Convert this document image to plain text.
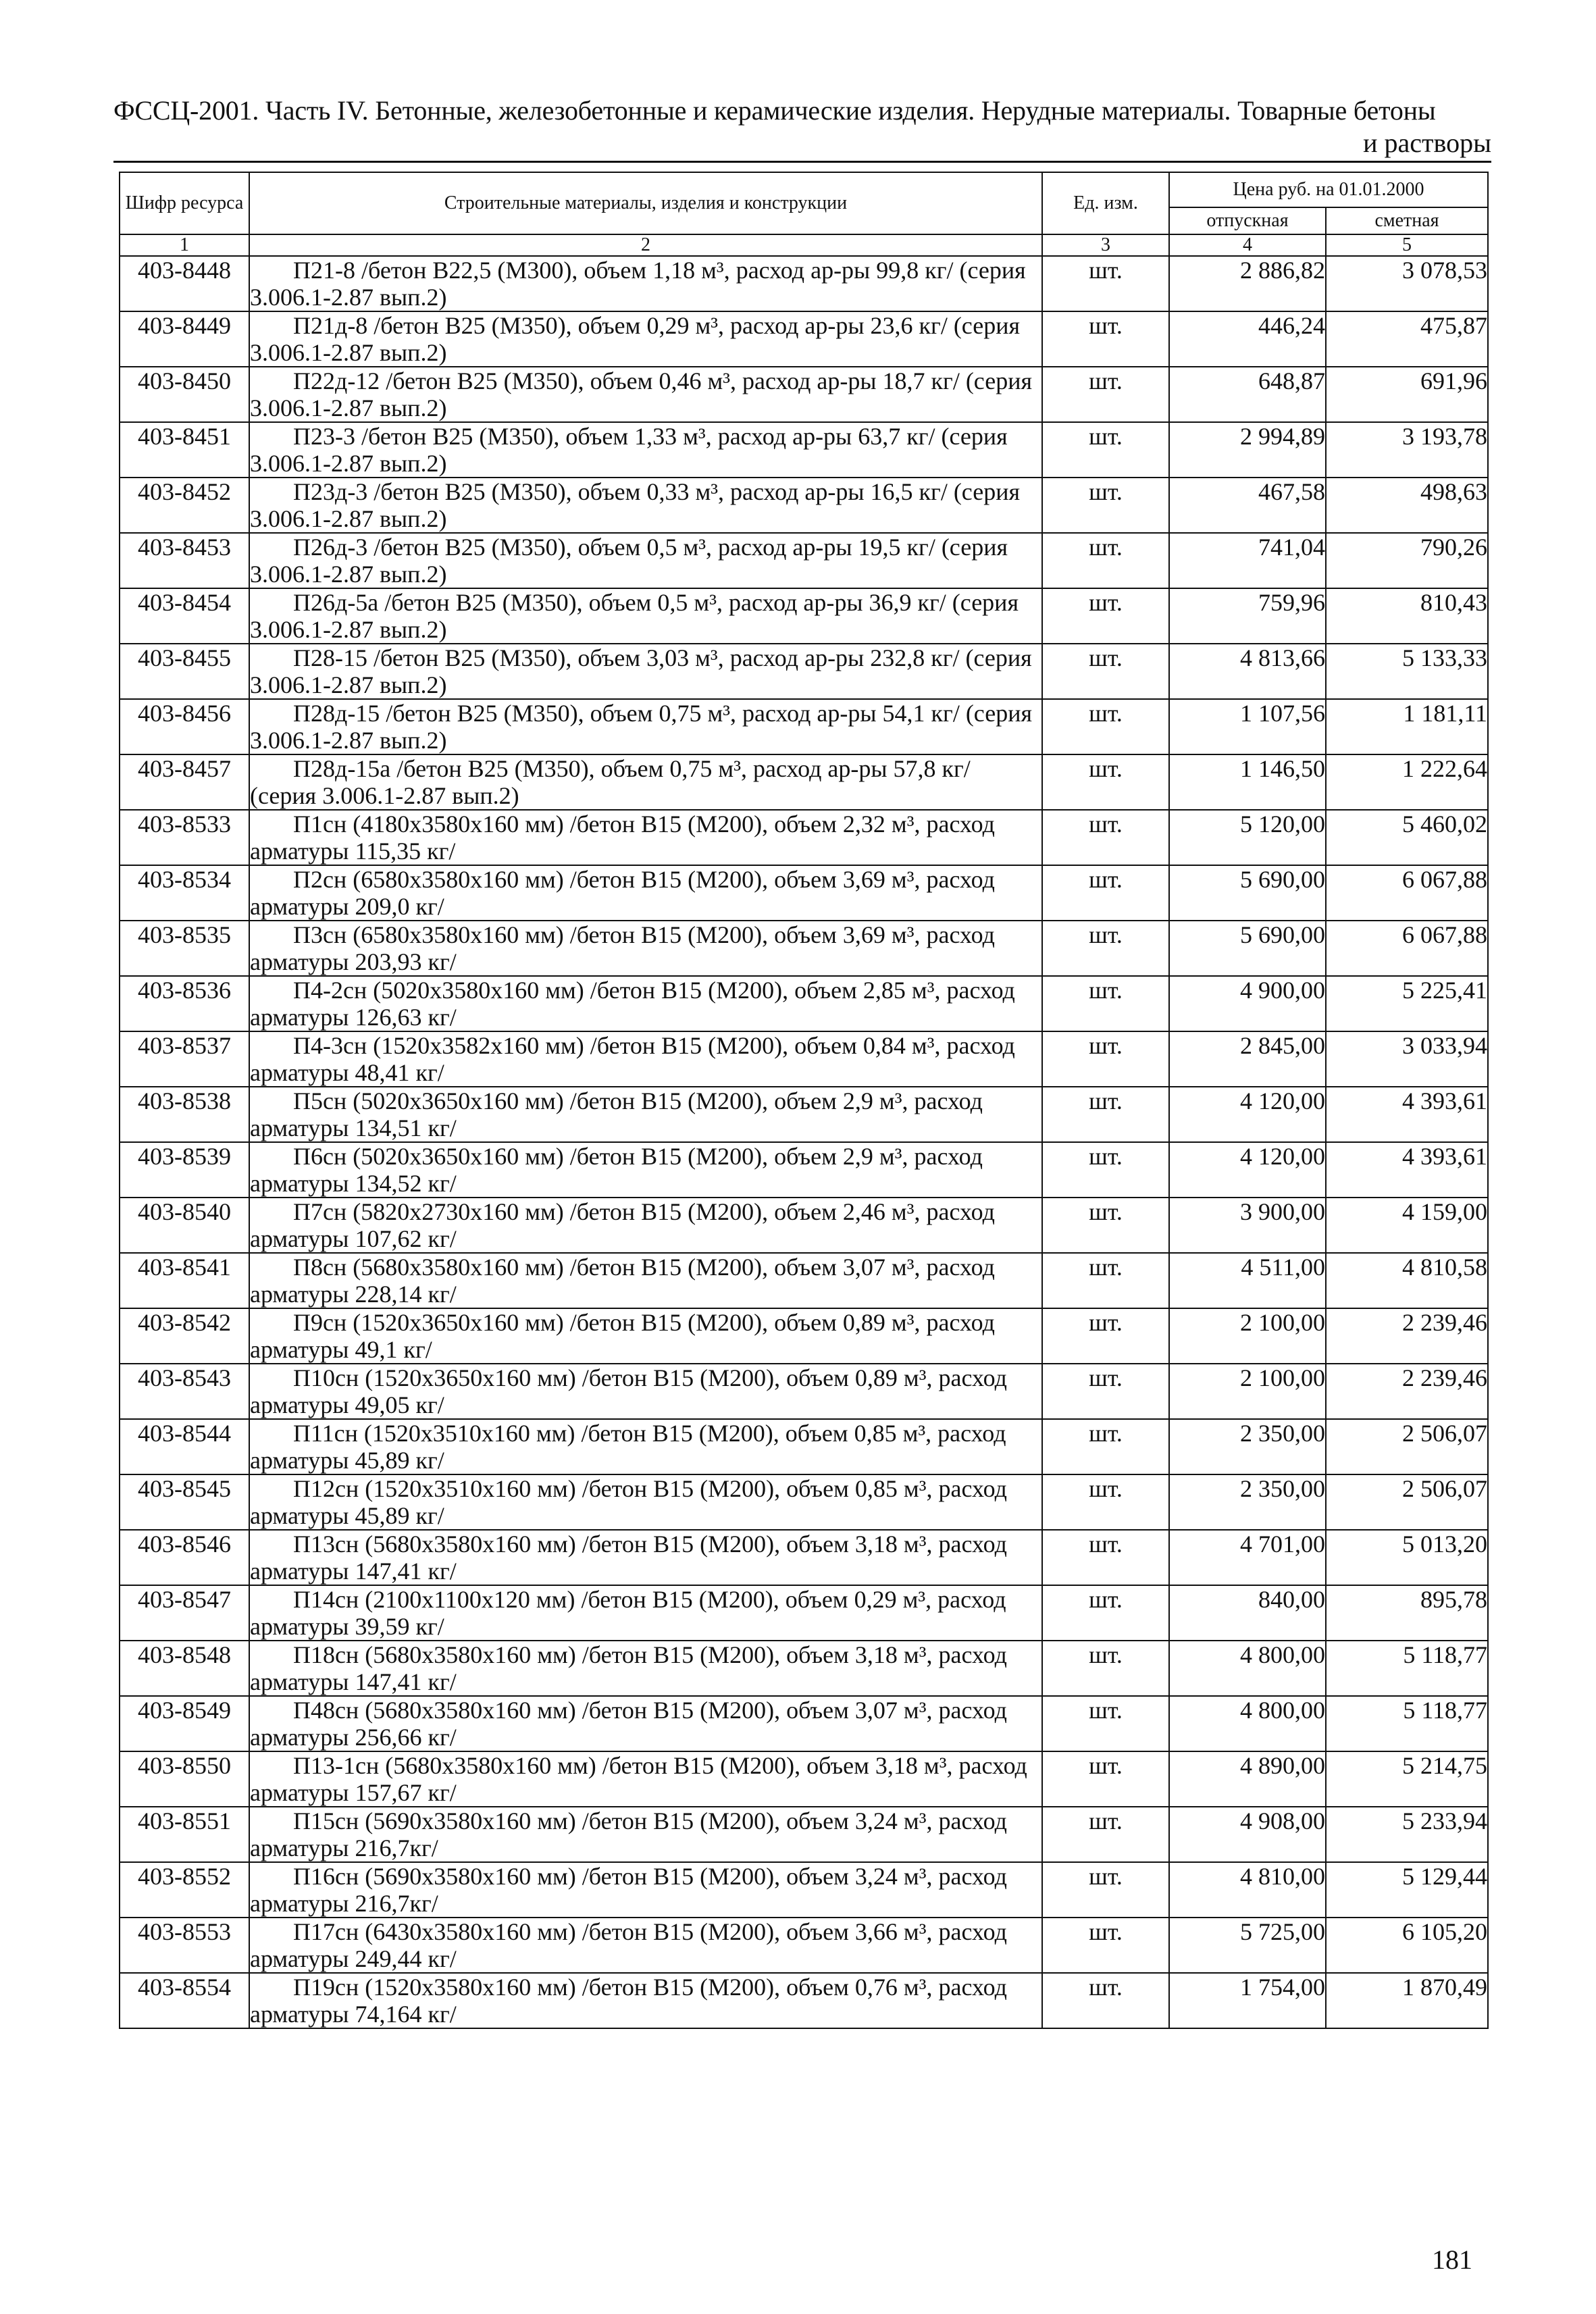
ФССЦ-2001. Часть IV. Бетонные, железобетонные и керамические изделия. Нерудные материалы. Товарные бетоны
и растворы
Шифр ресурса	Строительные материалы, изделия и конструкции	Ед. изм.	Цена руб. на 01.01.2000	
			отпускная	сметная
1	2	3	4	5
403-8448	П21-8 /бетон В22,5 (М300), объем 1,18 м³, расход ар-ры 99,8 кг/ (серия 3.006.1-2.87 вып.2)	шт.	2 886,82	3 078,53
403-8449	П21д-8 /бетон В25 (М350), объем 0,29 м³, расход ар-ры 23,6 кг/ (серия 3.006.1-2.87 вып.2)	шт.	446,24	475,87
403-8450	П22д-12 /бетон В25 (М350), объем 0,46 м³, расход ар-ры 18,7 кг/ (серия 3.006.1-2.87 вып.2)	шт.	648,87	691,96
403-8451	П23-3 /бетон В25 (М350), объем 1,33 м³, расход ар-ры 63,7 кг/ (серия 3.006.1-2.87 вып.2)	шт.	2 994,89	3 193,78
403-8452	П23д-3 /бетон В25 (М350), объем 0,33 м³, расход ар-ры 16,5 кг/ (серия 3.006.1-2.87 вып.2)	шт.	467,58	498,63
403-8453	П26д-3 /бетон В25 (М350), объем 0,5 м³, расход ар-ры 19,5 кг/ (серия 3.006.1-2.87 вып.2)	шт.	741,04	790,26
403-8454	П26д-5а /бетон В25 (М350), объем 0,5 м³, расход ар-ры 36,9 кг/ (серия 3.006.1-2.87 вып.2)	шт.	759,96	810,43
403-8455	П28-15 /бетон В25 (М350), объем 3,03 м³, расход ар-ры 232,8 кг/ (серия 3.006.1-2.87 вып.2)	шт.	4 813,66	5 133,33
403-8456	П28д-15 /бетон В25 (М350), объем 0,75 м³, расход ар-ры 54,1 кг/ (серия 3.006.1-2.87 вып.2)	шт.	1 107,56	1 181,11
403-8457	П28д-15а /бетон В25 (М350), объем 0,75 м³, расход ар-ры 57,8 кг/ (серия 3.006.1-2.87 вып.2)	шт.	1 146,50	1 222,64
403-8533	П1сн (4180х3580х160 мм) /бетон В15 (М200), объем 2,32 м³, расход арматуры 115,35 кг/	шт.	5 120,00	5 460,02
403-8534	П2сн (6580х3580х160 мм) /бетон В15 (М200), объем 3,69 м³, расход арматуры 209,0 кг/	шт.	5 690,00	6 067,88
403-8535	П3сн (6580х3580х160 мм) /бетон В15 (М200), объем 3,69 м³, расход арматуры 203,93 кг/	шт.	5 690,00	6 067,88
403-8536	П4-2сн (5020х3580х160 мм) /бетон В15 (М200), объем 2,85 м³, расход арматуры 126,63 кг/	шт.	4 900,00	5 225,41
403-8537	П4-3сн (1520х3582х160 мм) /бетон В15 (М200), объем 0,84 м³, расход арматуры 48,41 кг/	шт.	2 845,00	3 033,94
403-8538	П5сн (5020х3650х160 мм) /бетон В15 (М200), объем 2,9 м³, расход арматуры 134,51 кг/	шт.	4 120,00	4 393,61
403-8539	П6сн (5020х3650х160 мм) /бетон В15 (М200), объем 2,9 м³, расход арматуры 134,52 кг/	шт.	4 120,00	4 393,61
403-8540	П7сн (5820х2730х160 мм) /бетон В15 (М200), объем 2,46 м³, расход арматуры 107,62 кг/	шт.	3 900,00	4 159,00
403-8541	П8сн (5680х3580х160 мм) /бетон В15 (М200), объем 3,07 м³, расход арматуры 228,14 кг/	шт.	4 511,00	4 810,58
403-8542	П9сн (1520х3650х160 мм) /бетон В15 (М200), объем 0,89 м³, расход арматуры 49,1 кг/	шт.	2 100,00	2 239,46
403-8543	П10сн (1520х3650х160 мм) /бетон В15 (М200), объем 0,89 м³, расход арматуры 49,05 кг/	шт.	2 100,00	2 239,46
403-8544	П11сн (1520х3510х160 мм) /бетон В15 (М200), объем 0,85 м³, расход арматуры 45,89 кг/	шт.	2 350,00	2 506,07
403-8545	П12сн (1520х3510х160 мм) /бетон В15 (М200), объем 0,85 м³, расход арматуры 45,89 кг/	шт.	2 350,00	2 506,07
403-8546	П13сн (5680х3580х160 мм) /бетон В15 (М200), объем 3,18 м³, расход арматуры 147,41 кг/	шт.	4 701,00	5 013,20
403-8547	П14сн (2100х1100х120 мм) /бетон В15 (М200), объем 0,29 м³, расход арматуры 39,59 кг/	шт.	840,00	895,78
403-8548	П18сн (5680х3580х160 мм) /бетон В15 (М200), объем 3,18 м³, расход арматуры 147,41 кг/	шт.	4 800,00	5 118,77
403-8549	П48сн (5680х3580х160 мм) /бетон В15 (М200), объем 3,07 м³, расход арматуры 256,66 кг/	шт.	4 800,00	5 118,77
403-8550	П13-1сн (5680х3580х160 мм) /бетон В15 (М200), объем 3,18 м³, расход арматуры 157,67 кг/	шт.	4 890,00	5 214,75
403-8551	П15сн (5690х3580х160 мм) /бетон В15 (М200), объем 3,24 м³, расход арматуры 216,7кг/	шт.	4 908,00	5 233,94
403-8552	П16сн (5690х3580х160 мм) /бетон В15 (М200), объем 3,24 м³, расход арматуры 216,7кг/	шт.	4 810,00	5 129,44
403-8553	П17сн (6430х3580х160 мм) /бетон В15 (М200), объем 3,66 м³, расход арматуры 249,44 кг/	шт.	5 725,00	6 105,20
403-8554	П19сн (1520х3580х160 мм) /бетон В15 (М200), объем 0,76 м³, расход арматуры 74,164 кг/	шт.	1 754,00	1 870,49
181
